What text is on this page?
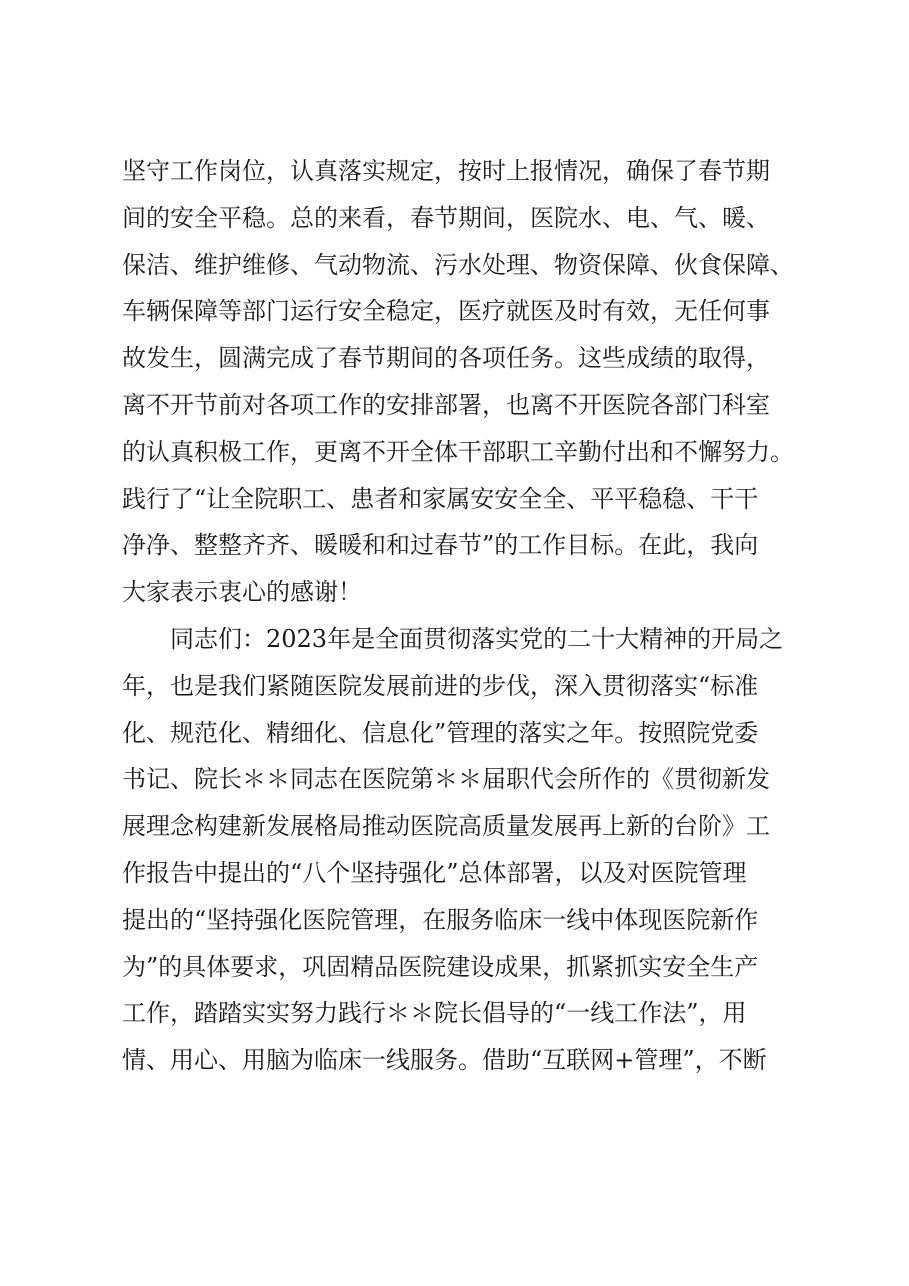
坚守工作岗位，认真落实规定，按时上报情况，确保了春节期
间的安全平稳。总的来看，春节期间，医院水、电、气、暖、
保洁、维护维修、气动物流、污水处理、物资保障、伙食保障、
车辆保障等部门运行安全稳定，医疗就医及时有效，无任何事
故发生，圆满完成了春节期间的各项任务。这些成绩的取得，
离不开节前对各项工作的安排部署，也离不开医院各部门科室
的认真积极工作，更离不开全体干部职工辛勤付出和不懈努力。
践行了“让全院职工、患者和家属安安全全、平平稳稳、干干
净净、整整齐齐、暖暖和和过春节”的工作目标。在此，我向
大家表示衷心的感谢！
同志们：2023年是全面贯彻落实党的二十大精神的开局之
年，也是我们紧随医院发展前进的步伐，深入贯彻落实“标准
化、规范化、精细化、信息化”管理的落实之年。按照院党委
书记、院长＊＊同志在医院第＊＊届职代会所作的《贯彻新发
展理念构建新发展格局推动医院高质量发展再上新的台阶》工
作报告中提出的“八个坚持强化”总体部署，以及对医院管理
提出的“坚持强化医院管理，在服务临床一线中体现医院新作
为”的具体要求，巩固精品医院建设成果，抓紧抓实安全生产
工作，踏踏实实努力践行＊＊院长倡导的“一线工作法”，用
情、用心、用脑为临床一线服务。借助“互联网+管理”，不断
